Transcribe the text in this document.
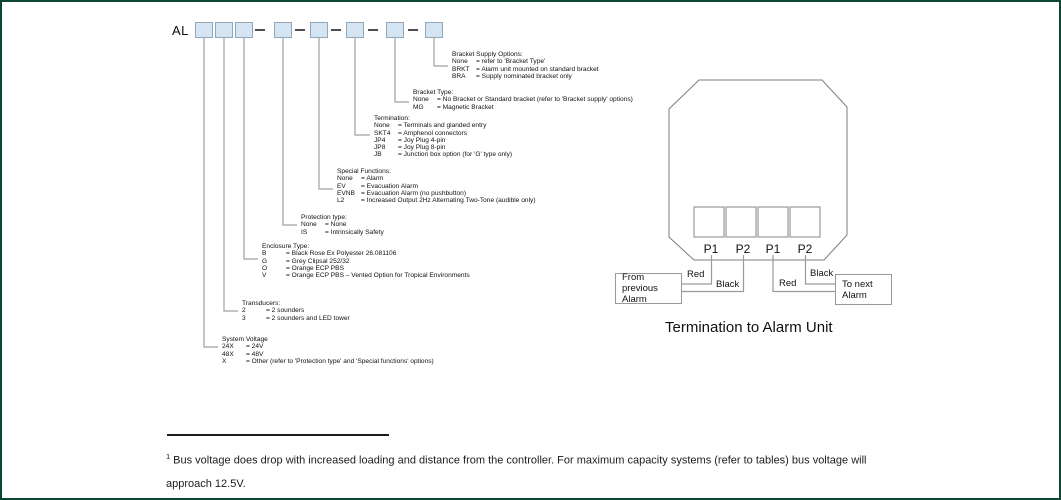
AL
System Voltage
24X	= 24V
48X	= 48V
X	= Other (refer to 'Protection type' and 'Special functions' options)
Transducers:
2	= 2 sounders
3	= 2 sounders and LED tower
Enclosure Type:
B	= Black Rose Ex Polyester 26.081106
G	= Grey Clipsal 252/32
O	= Orange ECP PBS
V	= Orange ECP PBS – Vented Option for Tropical Environments
Protection type:
None	= None
IS	= Intrinsically Safety
Special Functions:
None	= Alarm
EV	= Evacuation Alarm
EVNB = Evacuation Alarm (no pushbutton)
L2	= Increased Output 2Hz Alternating Two-Tone (audible only)
Termination:
None	= Terminals and glanded entry
SKT4	= Amphenol connectors
JP4	= Joy Plug 4-pin
JP8	= Joy Plug 8-pin
JB	= Junction box option (for 'G' type only)
Bracket Type:
None	= No Bracket or Standard bracket (refer to 'Bracket supply' options)
MG	= Magnetic Bracket
Bracket Supply Options:
None	= refer to 'Bracket Type'
BRKT = Alarm unit mounted on standard bracket
BRA	= Supply nominated bracket only
P1 P2 P1 P2
Red
Black	Red
Black
From previous
Alarm
To next
Alarm
Termination to Alarm Unit
$^1$ Bus voltage does drop with increased loading and distance from the controller. For maximum capacity systems (refer to tables) bus voltage will approach 12.5V.
